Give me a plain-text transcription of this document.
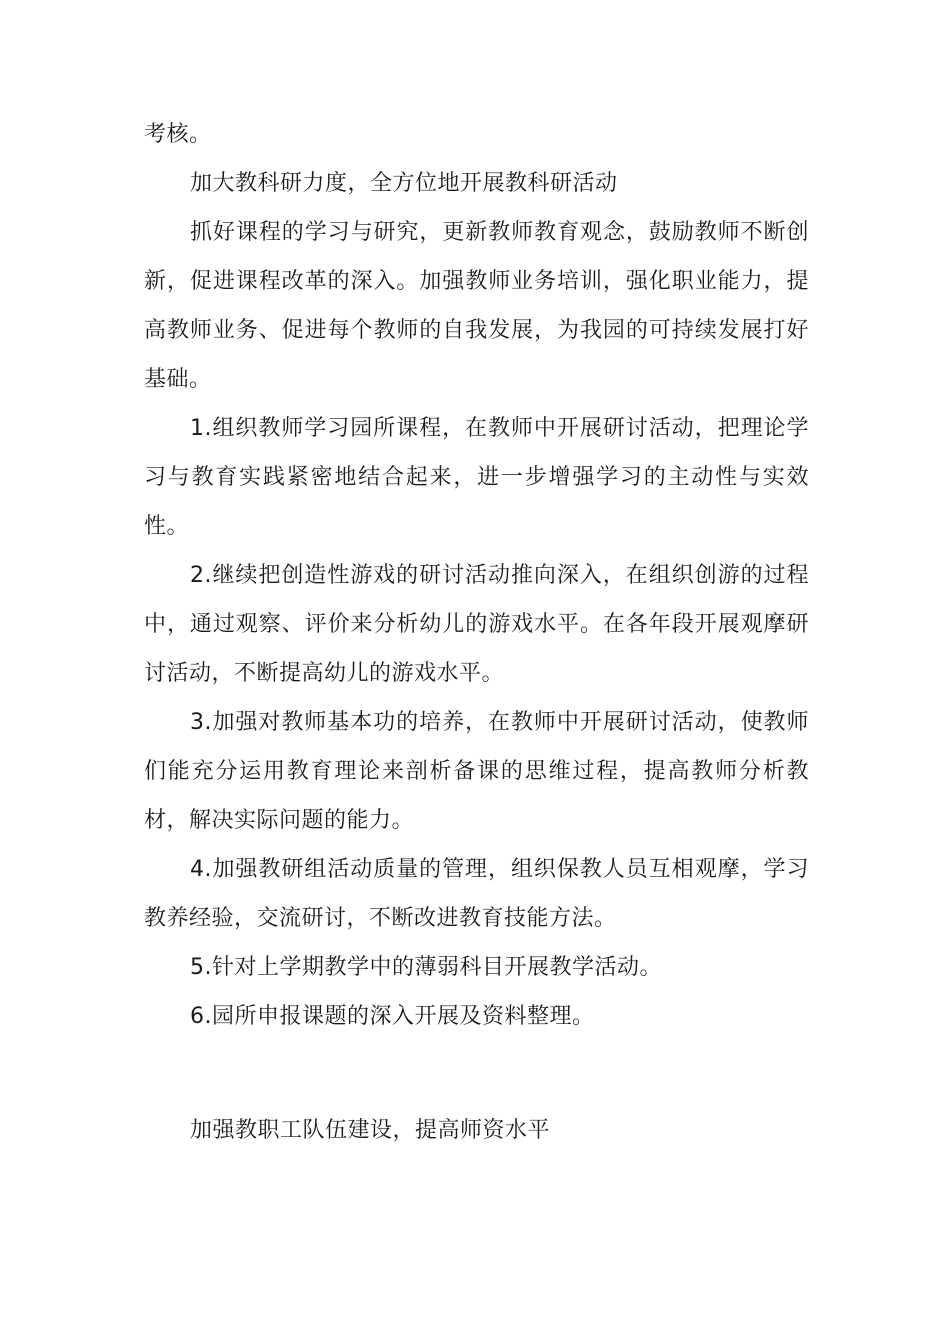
考核。

加大教科研力度，全方位地开展教科研活动

抓好课程的学习与研究，更新教师教育观念，鼓励教师不断创新，促进课程改革的深入。加强教师业务培训，强化职业能力，提高教师业务、促进每个教师的自我发展，为我园的可持续发展打好基础。

1.组织教师学习园所课程，在教师中开展研讨活动，把理论学习与教育实践紧密地结合起来，进一步增强学习的主动性与实效性。

2.继续把创造性游戏的研讨活动推向深入，在组织创游的过程中，通过观察、评价来分析幼儿的游戏水平。在各年段开展观摩研讨活动，不断提高幼儿的游戏水平。

3.加强对教师基本功的培养，在教师中开展研讨活动，使教师们能充分运用教育理论来剖析备课的思维过程，提高教师分析教材，解决实际问题的能力。

4.加强教研组活动质量的管理，组织保教人员互相观摩，学习教养经验，交流研讨，不断改进教育技能方法。

5.针对上学期教学中的薄弱科目开展教学活动。

6.园所申报课题的深入开展及资料整理。

加强教职工队伍建设，提高师资水平
